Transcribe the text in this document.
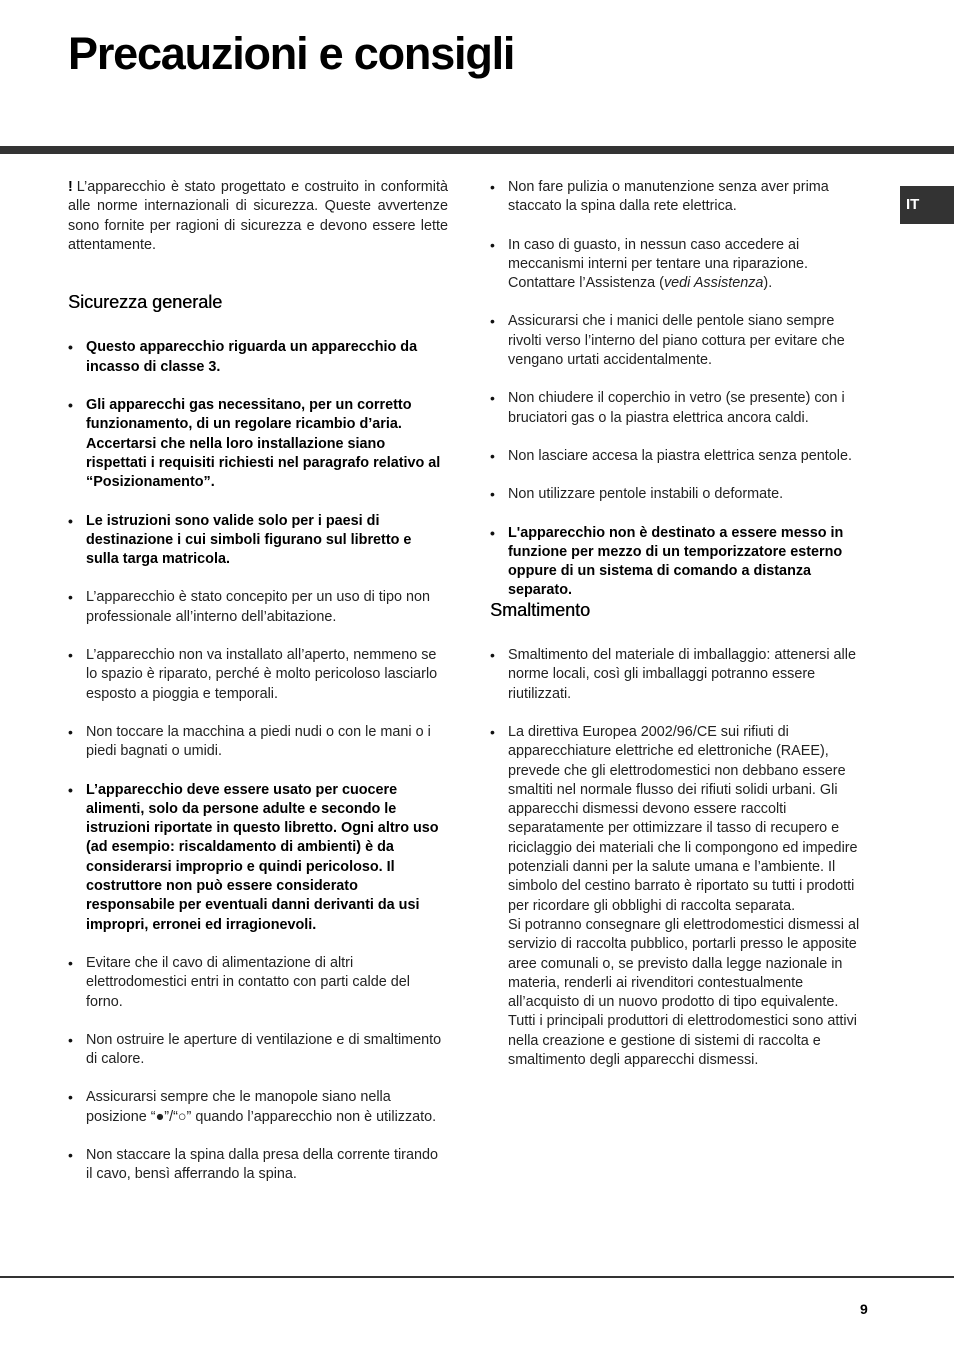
Precauzioni e consigli
IT

! L’apparecchio è stato progettato e costruito in conformità alle norme internazionali di sicurezza. Queste avvertenze sono fornite per ragioni di sicurezza e devono essere lette attentamente.

Sicurezza generale
• Questo apparecchio riguarda un apparecchio da incasso di classe 3.
• Gli apparecchi gas necessitano, per un corretto funzionamento, di un regolare ricambio d’aria. Accertarsi che nella loro installazione siano rispettati i requisiti richiesti nel paragrafo relativo al “Posizionamento”.
• Le istruzioni sono valide solo per i paesi di destinazione i cui simboli figurano sul libretto e sulla targa matricola.
• L’apparecchio è stato concepito per un uso di tipo non professionale all’interno dell’abitazione.
• L’apparecchio non va installato all’aperto, nemmeno se lo spazio è riparato, perché è molto pericoloso lasciarlo esposto a pioggia e temporali.
• Non toccare la macchina a piedi nudi o con le mani o i piedi bagnati o umidi.
• L’apparecchio deve essere usato per cuocere alimenti, solo da persone adulte e secondo le istruzioni riportate in questo libretto. Ogni altro uso (ad esempio: riscaldamento di ambienti) è da considerarsi improprio e quindi pericoloso. Il costruttore non può essere considerato responsabile per eventuali danni derivanti da usi impropri, erronei ed irragionevoli.
• Evitare che il cavo di alimentazione di altri elettrodomestici entri in contatto con parti calde del forno.
• Non ostruire le aperture di ventilazione e di smaltimento di calore.
• Assicurarsi sempre che le manopole siano nella posizione “●”/“○” quando l’apparecchio non è utilizzato.
• Non staccare la spina dalla presa della corrente tirando il cavo, bensì afferrando la spina.
• Non fare pulizia o manutenzione senza aver prima staccato la spina dalla rete elettrica.
• In caso di guasto, in nessun caso accedere ai meccanismi interni per tentare una riparazione. Contattare l’Assistenza (vedi Assistenza).
• Assicurarsi che i manici delle pentole siano sempre rivolti verso l’interno del piano cottura per evitare che vengano urtati accidentalmente.
• Non chiudere il coperchio in vetro (se presente) con i bruciatori gas o la piastra elettrica ancora caldi.
• Non lasciare accesa la piastra elettrica senza pentole.
• Non utilizzare pentole instabili o deformate.
• L'apparecchio non è destinato a essere messo in funzione per mezzo di un temporizzatore esterno oppure di un sistema di comando a distanza separato.
Smaltimento
• Smaltimento del materiale di imballaggio: attenersi alle norme locali, così gli imballaggi potranno essere riutilizzati.
• La direttiva Europea 2002/96/CE sui rifiuti di apparecchiature elettriche ed elettroniche (RAEE), prevede che gli elettrodomestici non debbano essere smaltiti nel normale flusso dei rifiuti solidi urbani. Gli apparecchi dismessi devono essere raccolti separatamente per ottimizzare il tasso di recupero e riciclaggio dei materiali che li compongono ed impedire potenziali danni per la salute umana e l’ambiente. Il simbolo del cestino barrato è riportato su tutti i prodotti per ricordare gli obblighi di raccolta separata.
Si potranno consegnare gli elettrodomestici dismessi al servizio di raccolta pubblico, portarli presso le apposite aree comunali o, se previsto dalla legge nazionale in materia, renderli ai rivenditori contestualmente all’acquisto di un nuovo prodotto di tipo equivalente.
Tutti i principali produttori di elettrodomestici sono attivi nella creazione e gestione di sistemi di raccolta e smaltimento degli apparecchi dismessi.
9
